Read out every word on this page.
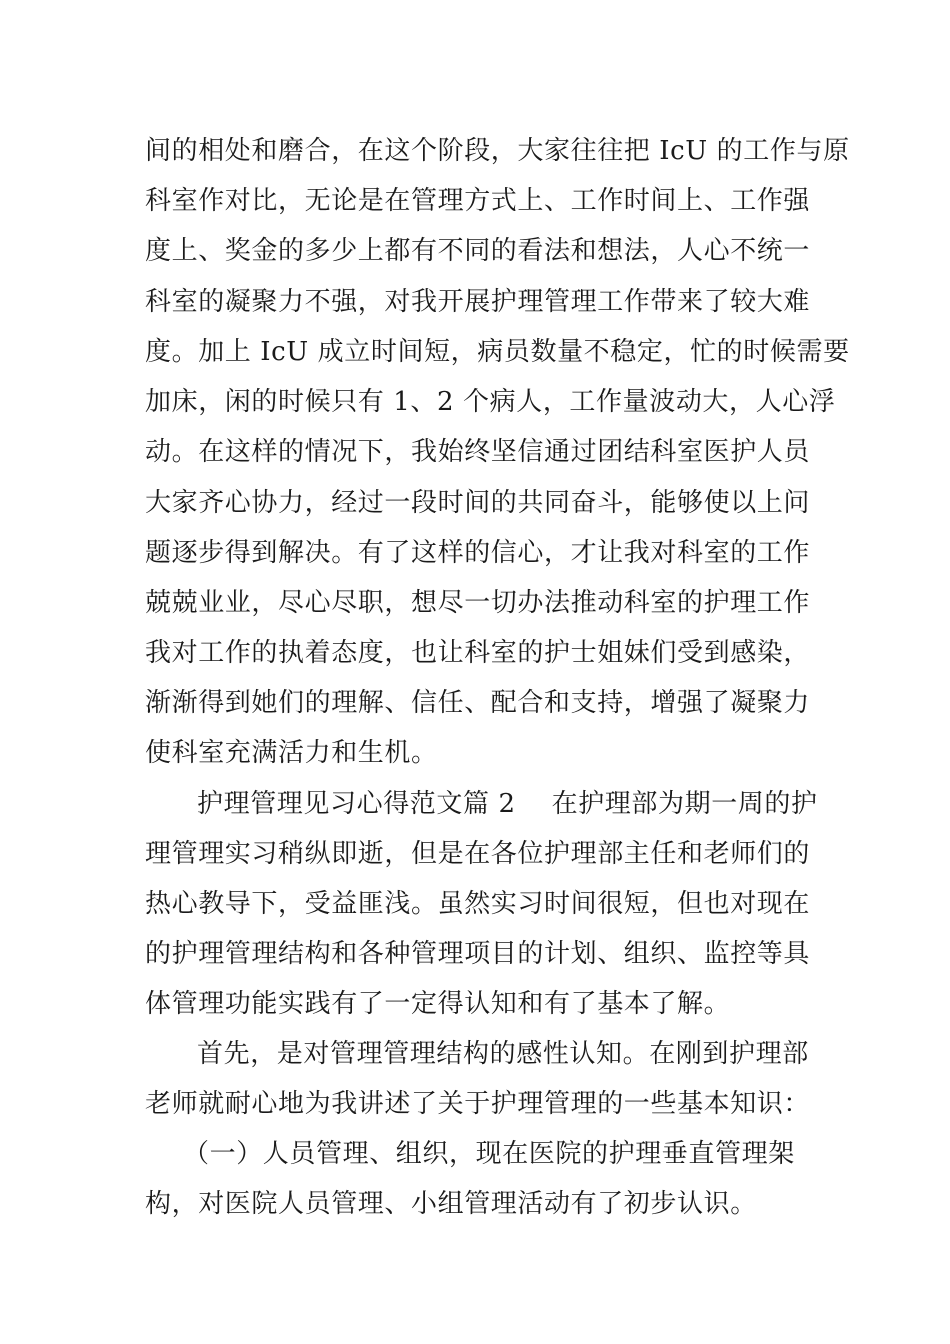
间的相处和磨合，在这个阶段，大家往往把 IcU 的工作与原
科室作对比，无论是在管理方式上、工作时间上、工作强
度上、奖金的多少上都有不同的看法和想法，人心不统一
科室的凝聚力不强，对我开展护理管理工作带来了较大难
度。加上 IcU 成立时间短，病员数量不稳定，忙的时候需要
加床，闲的时候只有 1、2 个病人，工作量波动大，人心浮
动。在这样的情况下，我始终坚信通过团结科室医护人员
大家齐心协力，经过一段时间的共同奋斗，能够使以上问
题逐步得到解决。有了这样的信心，才让我对科室的工作
兢兢业业，尽心尽职，想尽一切办法推动科室的护理工作
我对工作的执着态度，也让科室的护士姐妹们受到感染，
渐渐得到她们的理解、信任、配合和支持，增强了凝聚力
使科室充满活力和生机。
护理管理见习心得范文篇 2 在护理部为期一周的护
理管理实习稍纵即逝，但是在各位护理部主任和老师们的
热心教导下，受益匪浅。虽然实习时间很短，但也对现在
的护理管理结构和各种管理项目的计划、组织、监控等具
体管理功能实践有了一定得认知和有了基本了解。
首先，是对管理管理结构的感性认知。在刚到护理部
老师就耐心地为我讲述了关于护理管理的一些基本知识：
（一）人员管理、组织，现在医院的护理垂直管理架
构，对医院人员管理、小组管理活动有了初步认识。
